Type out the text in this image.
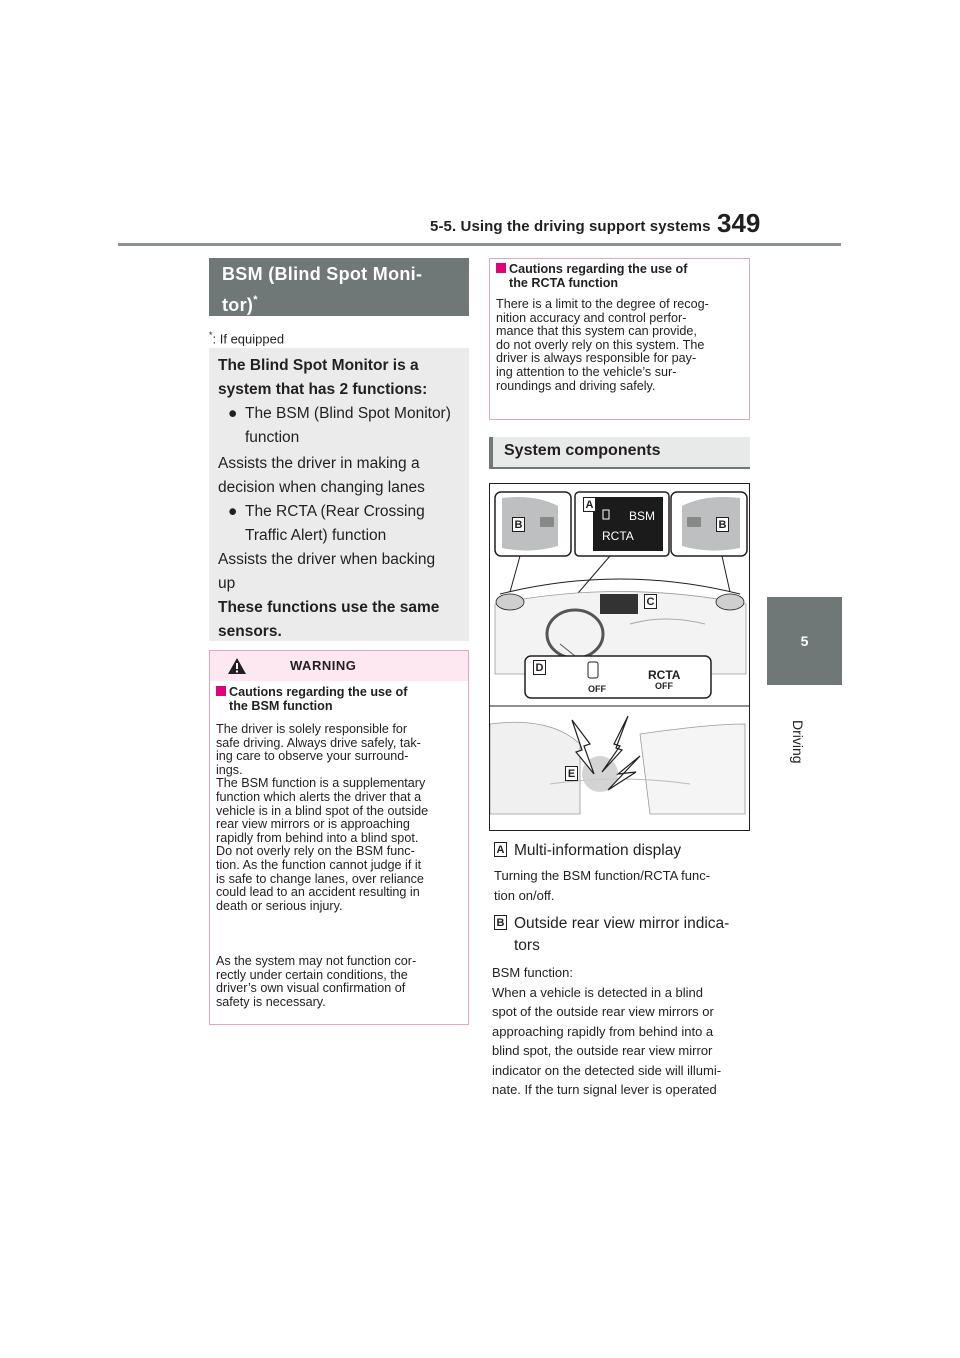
5-5. Using the driving support systems 349
5
Driving
BSM (Blind Spot Moni-
tor)*
*: If equipped
The Blind Spot Monitor is a
system that has 2 functions:
● The BSM (Blind Spot Monitor)
function
Assists the driver in making a
decision when changing lanes
● The RCTA (Rear Crossing
Traffic Alert) function
Assists the driver when backing
up
These functions use the same
sensors.
WARNING
Cautions regarding the use of
the BSM function
The driver is solely responsible for
safe driving. Always drive safely, tak-
ing care to observe your surround-
ings.
The BSM function is a supplementary
function which alerts the driver that a
vehicle is in a blind spot of the outside
rear view mirrors or is approaching
rapidly from behind into a blind spot.
Do not overly rely on the BSM func-
tion. As the function cannot judge if it
is safe to change lanes, over reliance
could lead to an accident resulting in
death or serious injury.
As the system may not function cor-
rectly under certain conditions, the
driver’s own visual confirmation of
safety is necessary.
Cautions regarding the use of
the RCTA function
There is a limit to the degree of recog-
nition accuracy and control perfor-
mance that this system can provide,
do not overly rely on this system. The
driver is always responsible for pay-
ing attention to the vehicle’s sur-
roundings and driving safely.
System components
BSM
RCTA
OFF
RCTA
OFF
B
A
B
C
D
E
A Multi-information display
Turning the BSM function/RCTA func-
tion on/off.
B Outside rear view mirror indica-
tors
BSM function:
When a vehicle is detected in a blind
spot of the outside rear view mirrors or
approaching rapidly from behind into a
blind spot, the outside rear view mirror
indicator on the detected side will illumi-
nate. If the turn signal lever is operated
